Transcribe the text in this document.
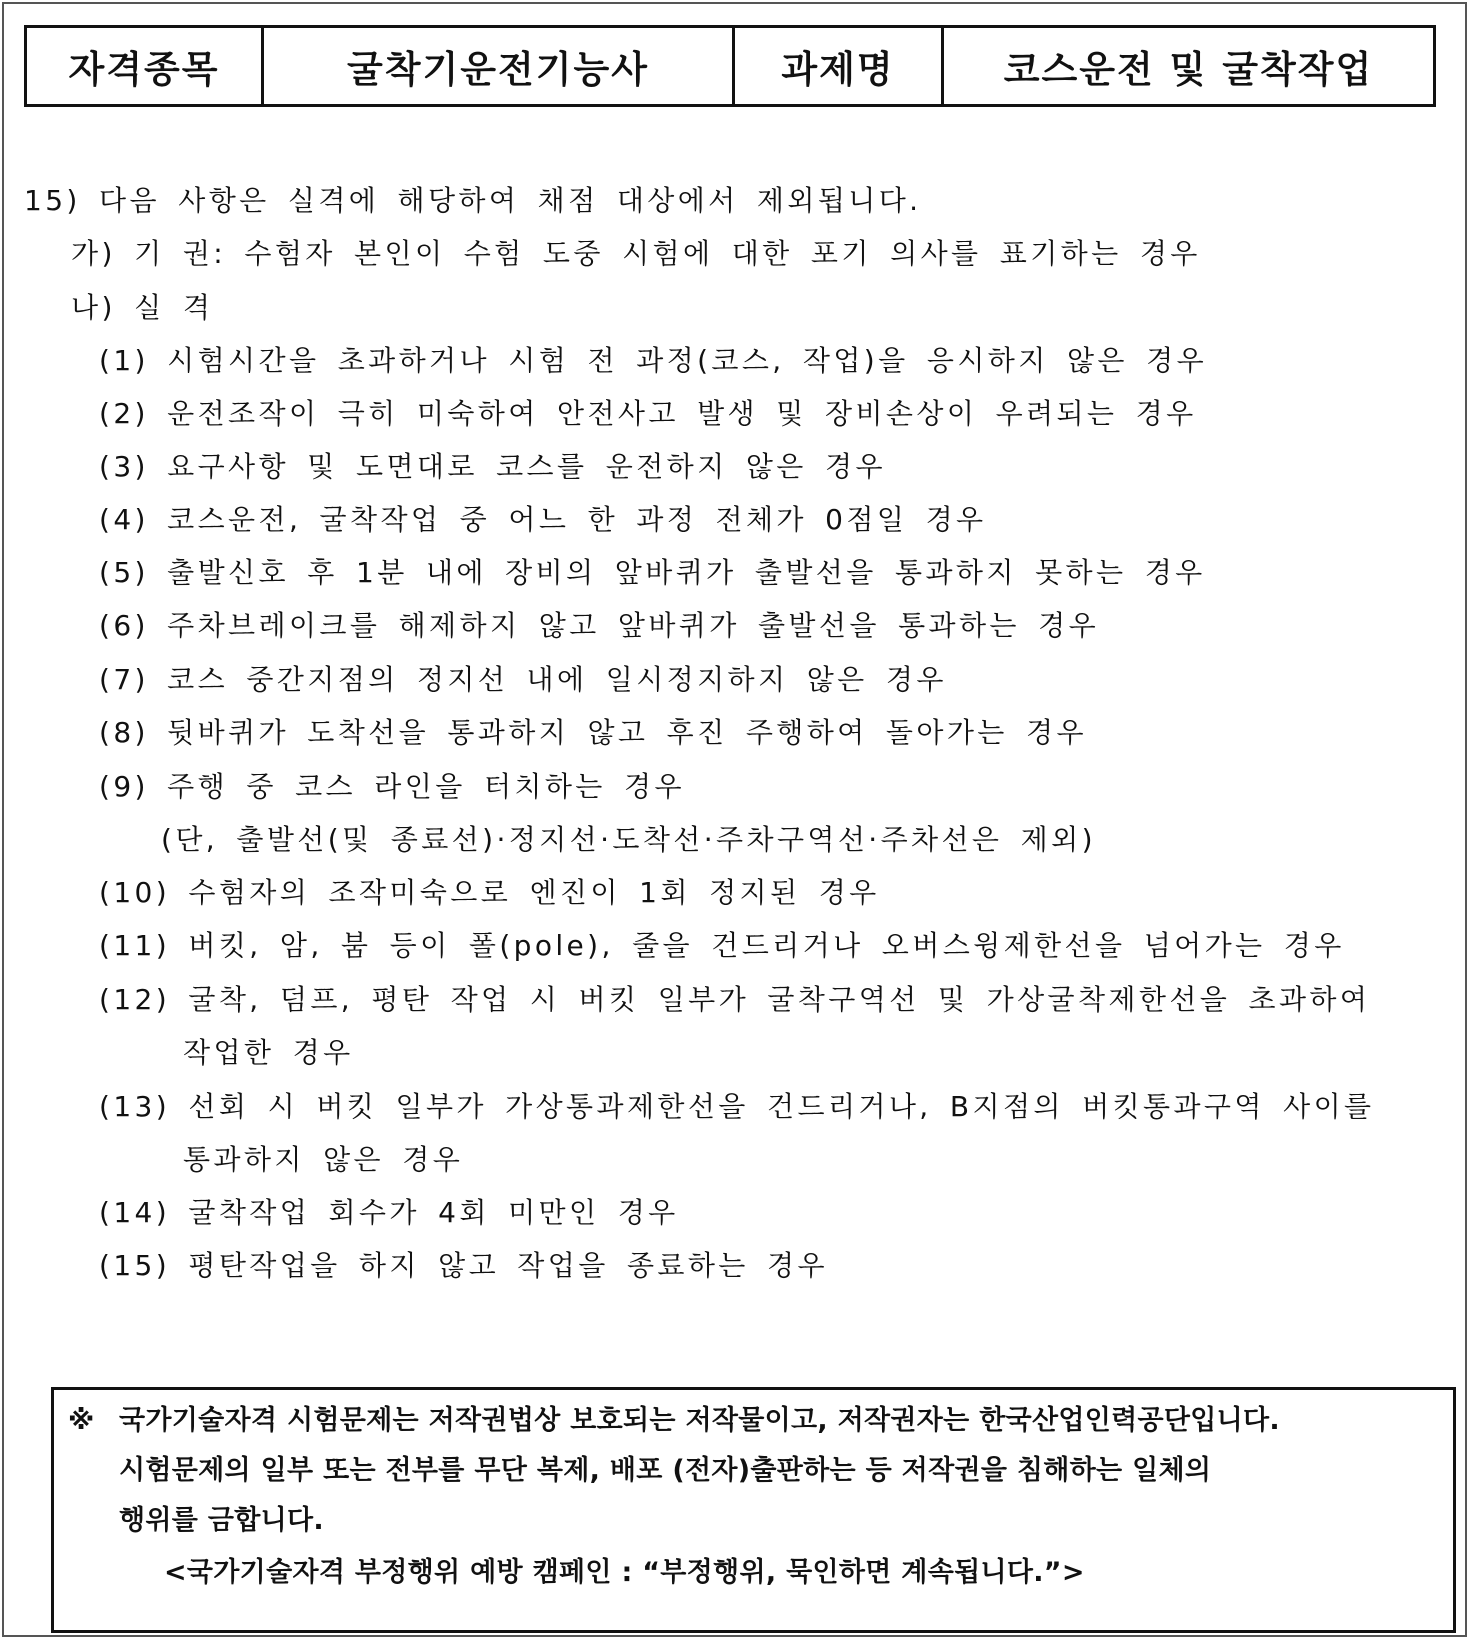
자격종목	굴착기운전기능사	과제명	코스운전 및 굴착작업
15) 다음 사항은 실격에 해당하여 채점 대상에서 제외됩니다.
가) 기 권: 수험자 본인이 수험 도중 시험에 대한 포기 의사를 표기하는 경우
나) 실 격
(1) 시험시간을 초과하거나 시험 전 과정(코스, 작업)을 응시하지 않은 경우
(2) 운전조작이 극히 미숙하여 안전사고 발생 및 장비손상이 우려되는 경우
(3) 요구사항 및 도면대로 코스를 운전하지 않은 경우
(4) 코스운전, 굴착작업 중 어느 한 과정 전체가 0점일 경우
(5) 출발신호 후 1분 내에 장비의 앞바퀴가 출발선을 통과하지 못하는 경우
(6) 주차브레이크를 해제하지 않고 앞바퀴가 출발선을 통과하는 경우
(7) 코스 중간지점의 정지선 내에 일시정지하지 않은 경우
(8) 뒷바퀴가 도착선을 통과하지 않고 후진 주행하여 돌아가는 경우
(9) 주행 중 코스 라인을 터치하는 경우
(단, 출발선(및 종료선)·정지선·도착선·주차구역선·주차선은 제외)
(10) 수험자의 조작미숙으로 엔진이 1회 정지된 경우
(11) 버킷, 암, 붐 등이 폴(pole), 줄을 건드리거나 오버스윙제한선을 넘어가는 경우
(12) 굴착, 덤프, 평탄 작업 시 버킷 일부가 굴착구역선 및 가상굴착제한선을 초과하여
작업한 경우
(13) 선회 시 버킷 일부가 가상통과제한선을 건드리거나, B지점의 버킷통과구역 사이를
통과하지 않은 경우
(14) 굴착작업 회수가 4회 미만인 경우
(15) 평탄작업을 하지 않고 작업을 종료하는 경우
※ 국가기술자격 시험문제는 저작권법상 보호되는 저작물이고, 저작권자는 한국산업인력공단입니다.
시험문제의 일부 또는 전부를 무단 복제, 배포 (전자)출판하는 등 저작권을 침해하는 일체의
행위를 금합니다.
<국가기술자격 부정행위 예방 캠페인 : “부정행위, 묵인하면 계속됩니다.”>
